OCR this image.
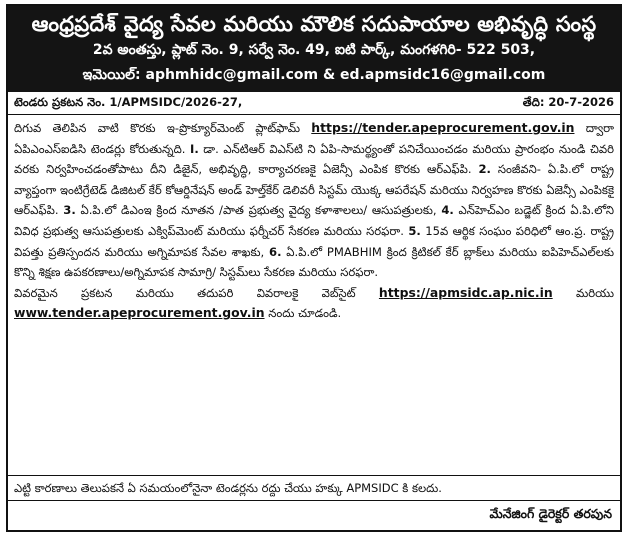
ఆంధ్రప్రదేశ్ వైద్య సేవల మరియు మౌలిక సదుపాయాల అభివృద్ధి సంస్థ
2వ అంతస్తు, ప్లాట్ నెం. 9, సర్వే నెం. 49, ఐటి పార్క్, మంగళగిరి- 522 503,
ఇమెయిల్: aphmhidc@gmail.com & ed.apmsidc16@gmail.com
టెండరు ప్రకటన నెం. 1/APMSIDC/2026-27,	తేది: 20-7-2026
దిగువ తెలిపిన వాటి కొరకు ఇ-ప్రొక్యూర్‌మెంట్ ప్లాట్‌ఫామ్ https://tender.apeprocurement.gov.in ద్వారా ఏపిఎంఎస్ఐడిసి టెండర్లు కోరుతున్నది. I. డా. ఎన్‌టిఆర్ విఎస్‌టి ని ఏపి-సామర్థ్యంతో పనిచేయించడం మరియు ప్రారంభం నుండి చివరి వరకు నిర్వహించడంతోపాటు దీని డిజైన్, అభివృద్ధి, కార్యాచరణకై ఏజెన్సీ ఎంపిక కొరకు ఆర్ఎఫ్‌పి. 2. సంజీవని- ఏ.పి.లో రాష్ట్ర వ్యాప్తంగా ఇంటిగ్రేటెడ్ డిజిటల్ కేర్ కోఆర్డినేషన్ అండ్ హెల్త్‌కేర్ డెలివరీ సిస్టమ్ యొక్క ఆపరేషన్ మరియు నిర్వహణ కొరకు ఏజెన్సీ ఎంపికకై ఆర్ఎఫ్‌పి. 3. ఏ.పి.లో డిఎంఇ క్రింద నూతన /పాత ప్రభుత్వ వైద్య కళాశాలలు/ ఆసుపత్రులకు, 4. ఎన్‌హెచ్ఎం బడ్జెట్ క్రింద ఏ.పి.లోని వివిధ ప్రభుత్వ ఆసుపత్రులకు ఎక్విప్‌మెంట్ మరియు ఫర్నీచర్ సేకరణ మరియు సరఫరా. 5. 15వ ఆర్థిక సంఘం పరిధిలో ఆం.ప్ర. రాష్ట్ర విపత్తు ప్రతిస్పందన మరియు అగ్నిమాపక సేవల శాఖకు, 6. ఏ.పి.లో PMABHIM క్రింద క్రిటికల్ కేర్ బ్లాక్‌లు మరియు ఐపిహెచ్ఎల్‌లకు కొన్ని శిక్షణ ఉపకరణాలు/అగ్నిమాపక సామాగ్రి/ సిస్టమ్‌లు సేకరణ మరియు సరఫరా.
వివరమైన ప్రకటన మరియు తదుపరి వివరాలకై వెబ్‌సైట్ https://apmsidc.ap.nic.in మరియు www.tender.apeprocurement.gov.in నందు చూడండి.
ఎట్టి కారణాలు తెలుపకనే ఏ సమయంలోనైనా టెండర్లను రద్దు చేయు హక్కు APMSIDC కి కలదు.
మేనేజింగ్ డైరెక్టర్ తరపున
